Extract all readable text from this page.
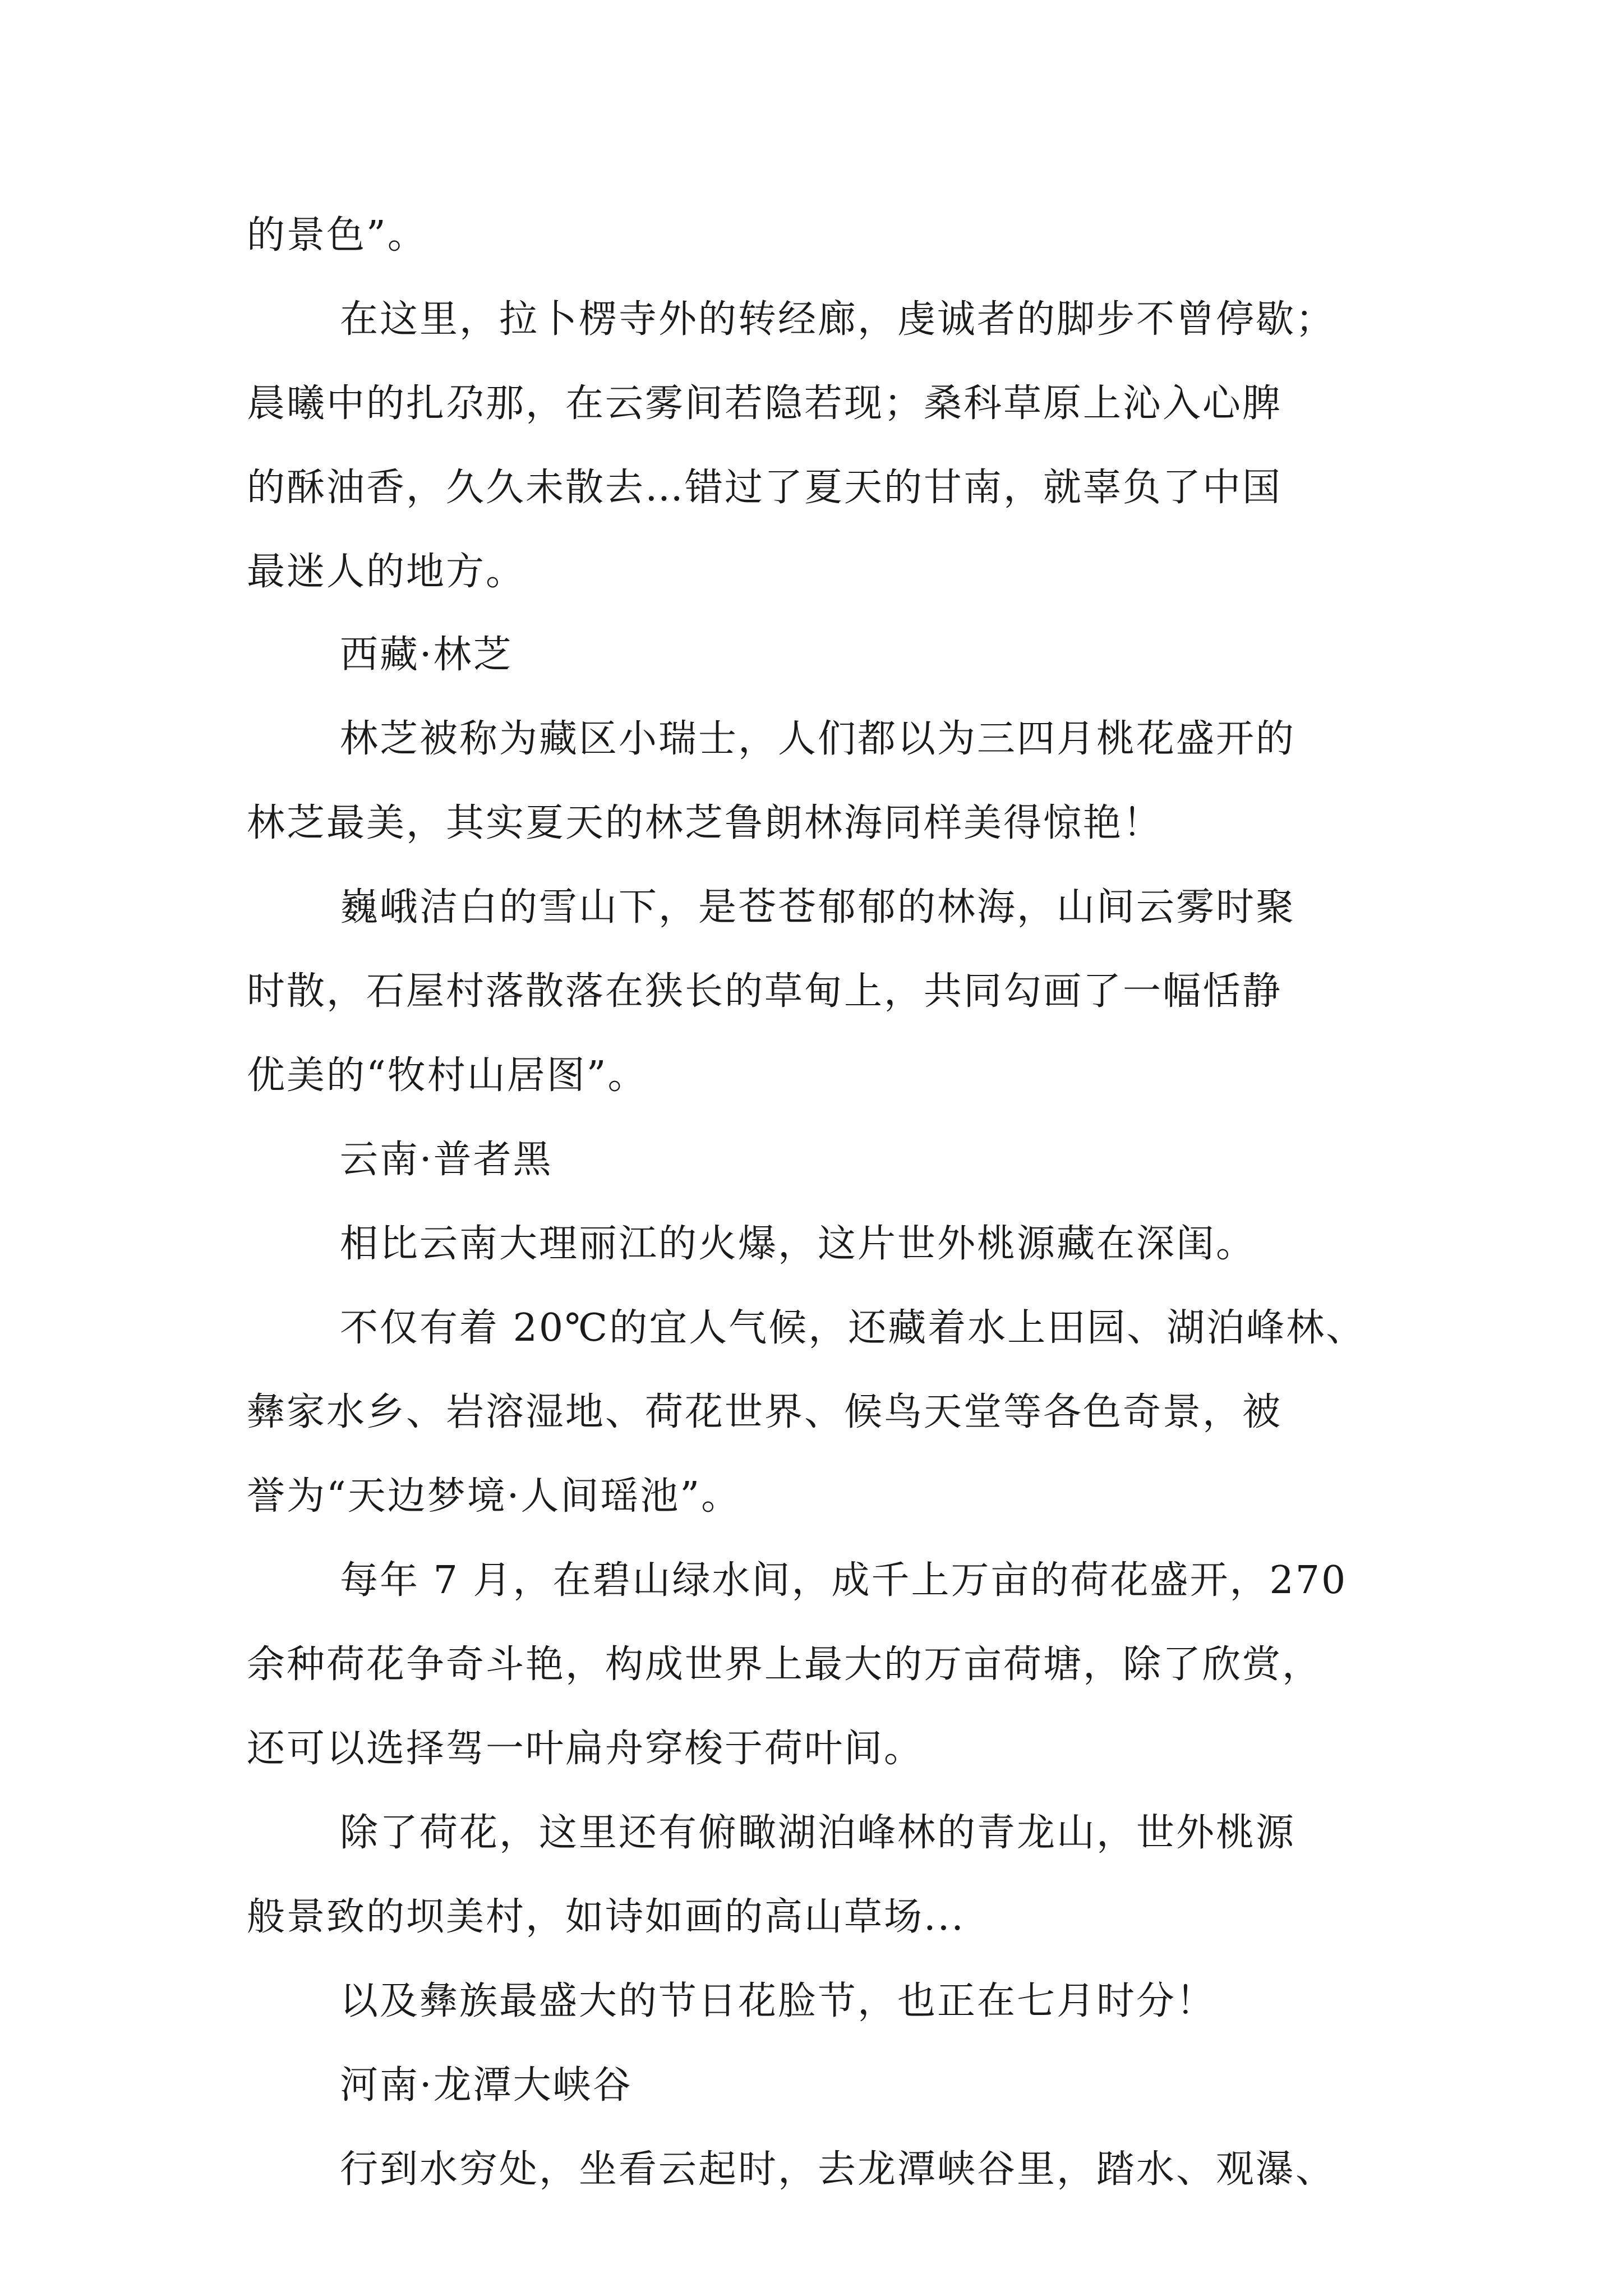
的景色”。
在这里，拉卜楞寺外的转经廊，虔诚者的脚步不曾停歇；
晨曦中的扎尕那，在云雾间若隐若现；桑科草原上沁入心脾
的酥油香，久久未散去…错过了夏天的甘南，就辜负了中国
最迷人的地方。
西藏·林芝
林芝被称为藏区小瑞士，人们都以为三四月桃花盛开的
林芝最美，其实夏天的林芝鲁朗林海同样美得惊艳！
巍峨洁白的雪山下，是苍苍郁郁的林海，山间云雾时聚
时散，石屋村落散落在狭长的草甸上，共同勾画了一幅恬静
优美的“牧村山居图”。
云南·普者黑
相比云南大理丽江的火爆，这片世外桃源藏在深闺。
不仅有着 20℃的宜人气候，还藏着水上田园、湖泊峰林、
彝家水乡、岩溶湿地、荷花世界、候鸟天堂等各色奇景，被
誉为“天边梦境·人间瑶池”。
每年 7 月，在碧山绿水间，成千上万亩的荷花盛开，270
余种荷花争奇斗艳，构成世界上最大的万亩荷塘，除了欣赏，
还可以选择驾一叶扁舟穿梭于荷叶间。
除了荷花，这里还有俯瞰湖泊峰林的青龙山，世外桃源
般景致的坝美村，如诗如画的高山草场...
以及彝族最盛大的节日花脸节，也正在七月时分！
河南·龙潭大峡谷
行到水穷处，坐看云起时，去龙潭峡谷里，踏水、观瀑、
